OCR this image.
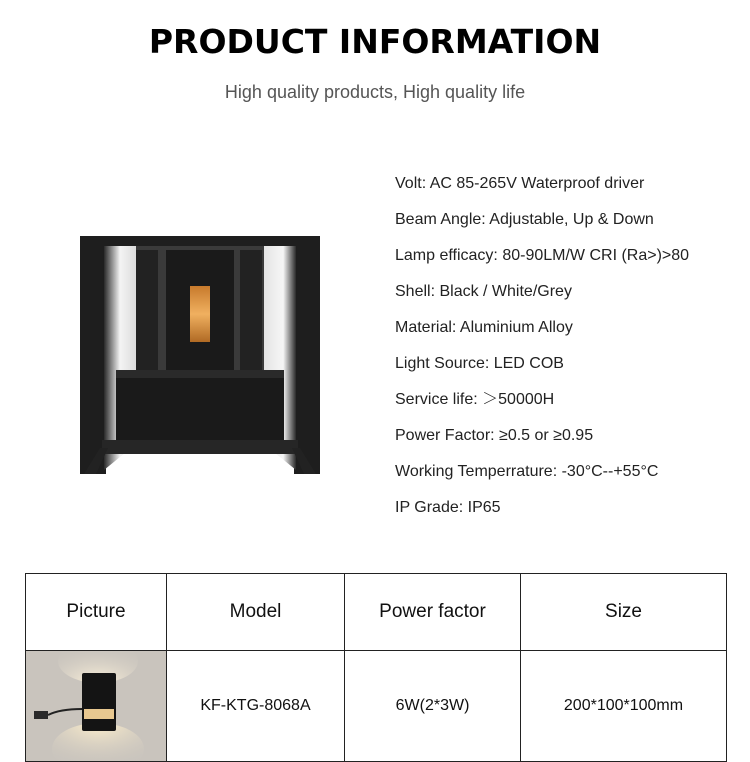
PRODUCT INFORMATION
High quality products, High quality life
Volt: AC 85-265V Waterproof driver
Beam Angle: Adjustable, Up & Down
Lamp efficacy: 80-90LM/W CRI (Ra>)>80
Shell: Black / White/Grey
Material: Aluminium Alloy
Light Source: LED COB
Service life: ＞50000H
Power Factor: ≥0.5 or ≥0.95
Working Temperrature: -30°C--+55°C
IP Grade: IP65
Picture	Model	Power factor	Size

	KF-KTG-8068A	6W(2*3W)	200*100*100mm
